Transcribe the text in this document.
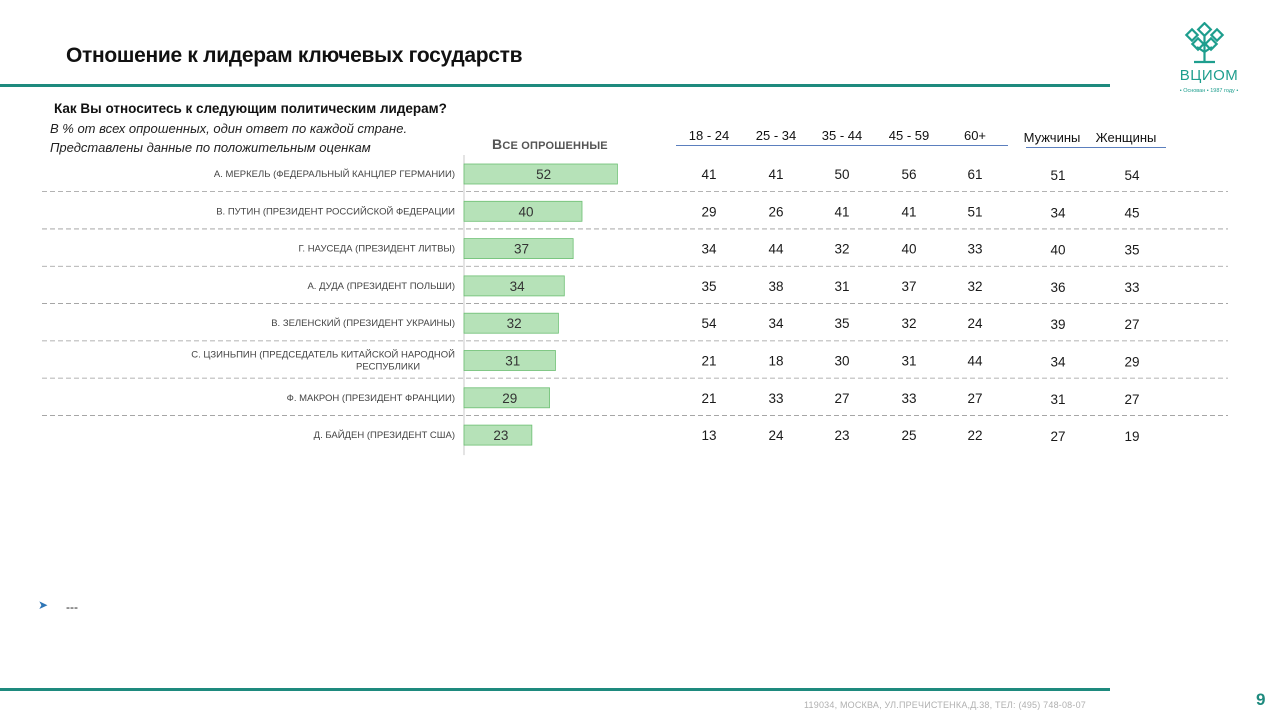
Отношение к лидерам ключевых государств
ВЦИОМ
• Основан • 1987 году •
Как Вы относитесь к следующим политическим лидерам?
В % от всех опрошенных, один ответ по каждой стране.
Представлены данные по положительным оценкам	ВСЕ ОПРОШЕННЫЕ
18 - 24	25 - 34	35 - 44	45 - 59	60+	Мужчины	Женщины
А. МЕРКЕЛЬ (ФЕДЕРАЛЬНЫЙ КАНЦЛЕР ГЕРМАНИИ)	52	41	41	50	56	61	51	54
В. ПУТИН (ПРЕЗИДЕНТ РОССИЙСКОЙ ФЕДЕРАЦИИ	40	29	26	41	41	51	34	45
Г. НАУСЕДА (ПРЕЗИДЕНТ ЛИТВЫ)	37	34	44	32	40	33	40	35
А. ДУДА (ПРЕЗИДЕНТ ПОЛЬШИ)	34	35	38	31	37	32	36	33
В. ЗЕЛЕНСКИЙ (ПРЕЗИДЕНТ УКРАИНЫ)	32	54	34	35	32	24	39	27
С. ЦЗИНЬПИН (ПРЕДСЕДАТЕЛЬ КИТАЙСКОЙ НАРОДНОЙ РЕСПУБЛИКИ	31	21	18	30	31	44	34	29
Ф. МАКРОН (ПРЕЗИДЕНТ ФРАНЦИИ)	29	21	33	27	33	27	31	27
Д. БАЙДЕН (ПРЕЗИДЕНТ США)	23	13	24	23	25	22	27	19
➤ ---
119034, МОСКВА, УЛ.ПРЕЧИСТЕНКА,Д.38, ТЕЛ: (495) 748-08-07	9
